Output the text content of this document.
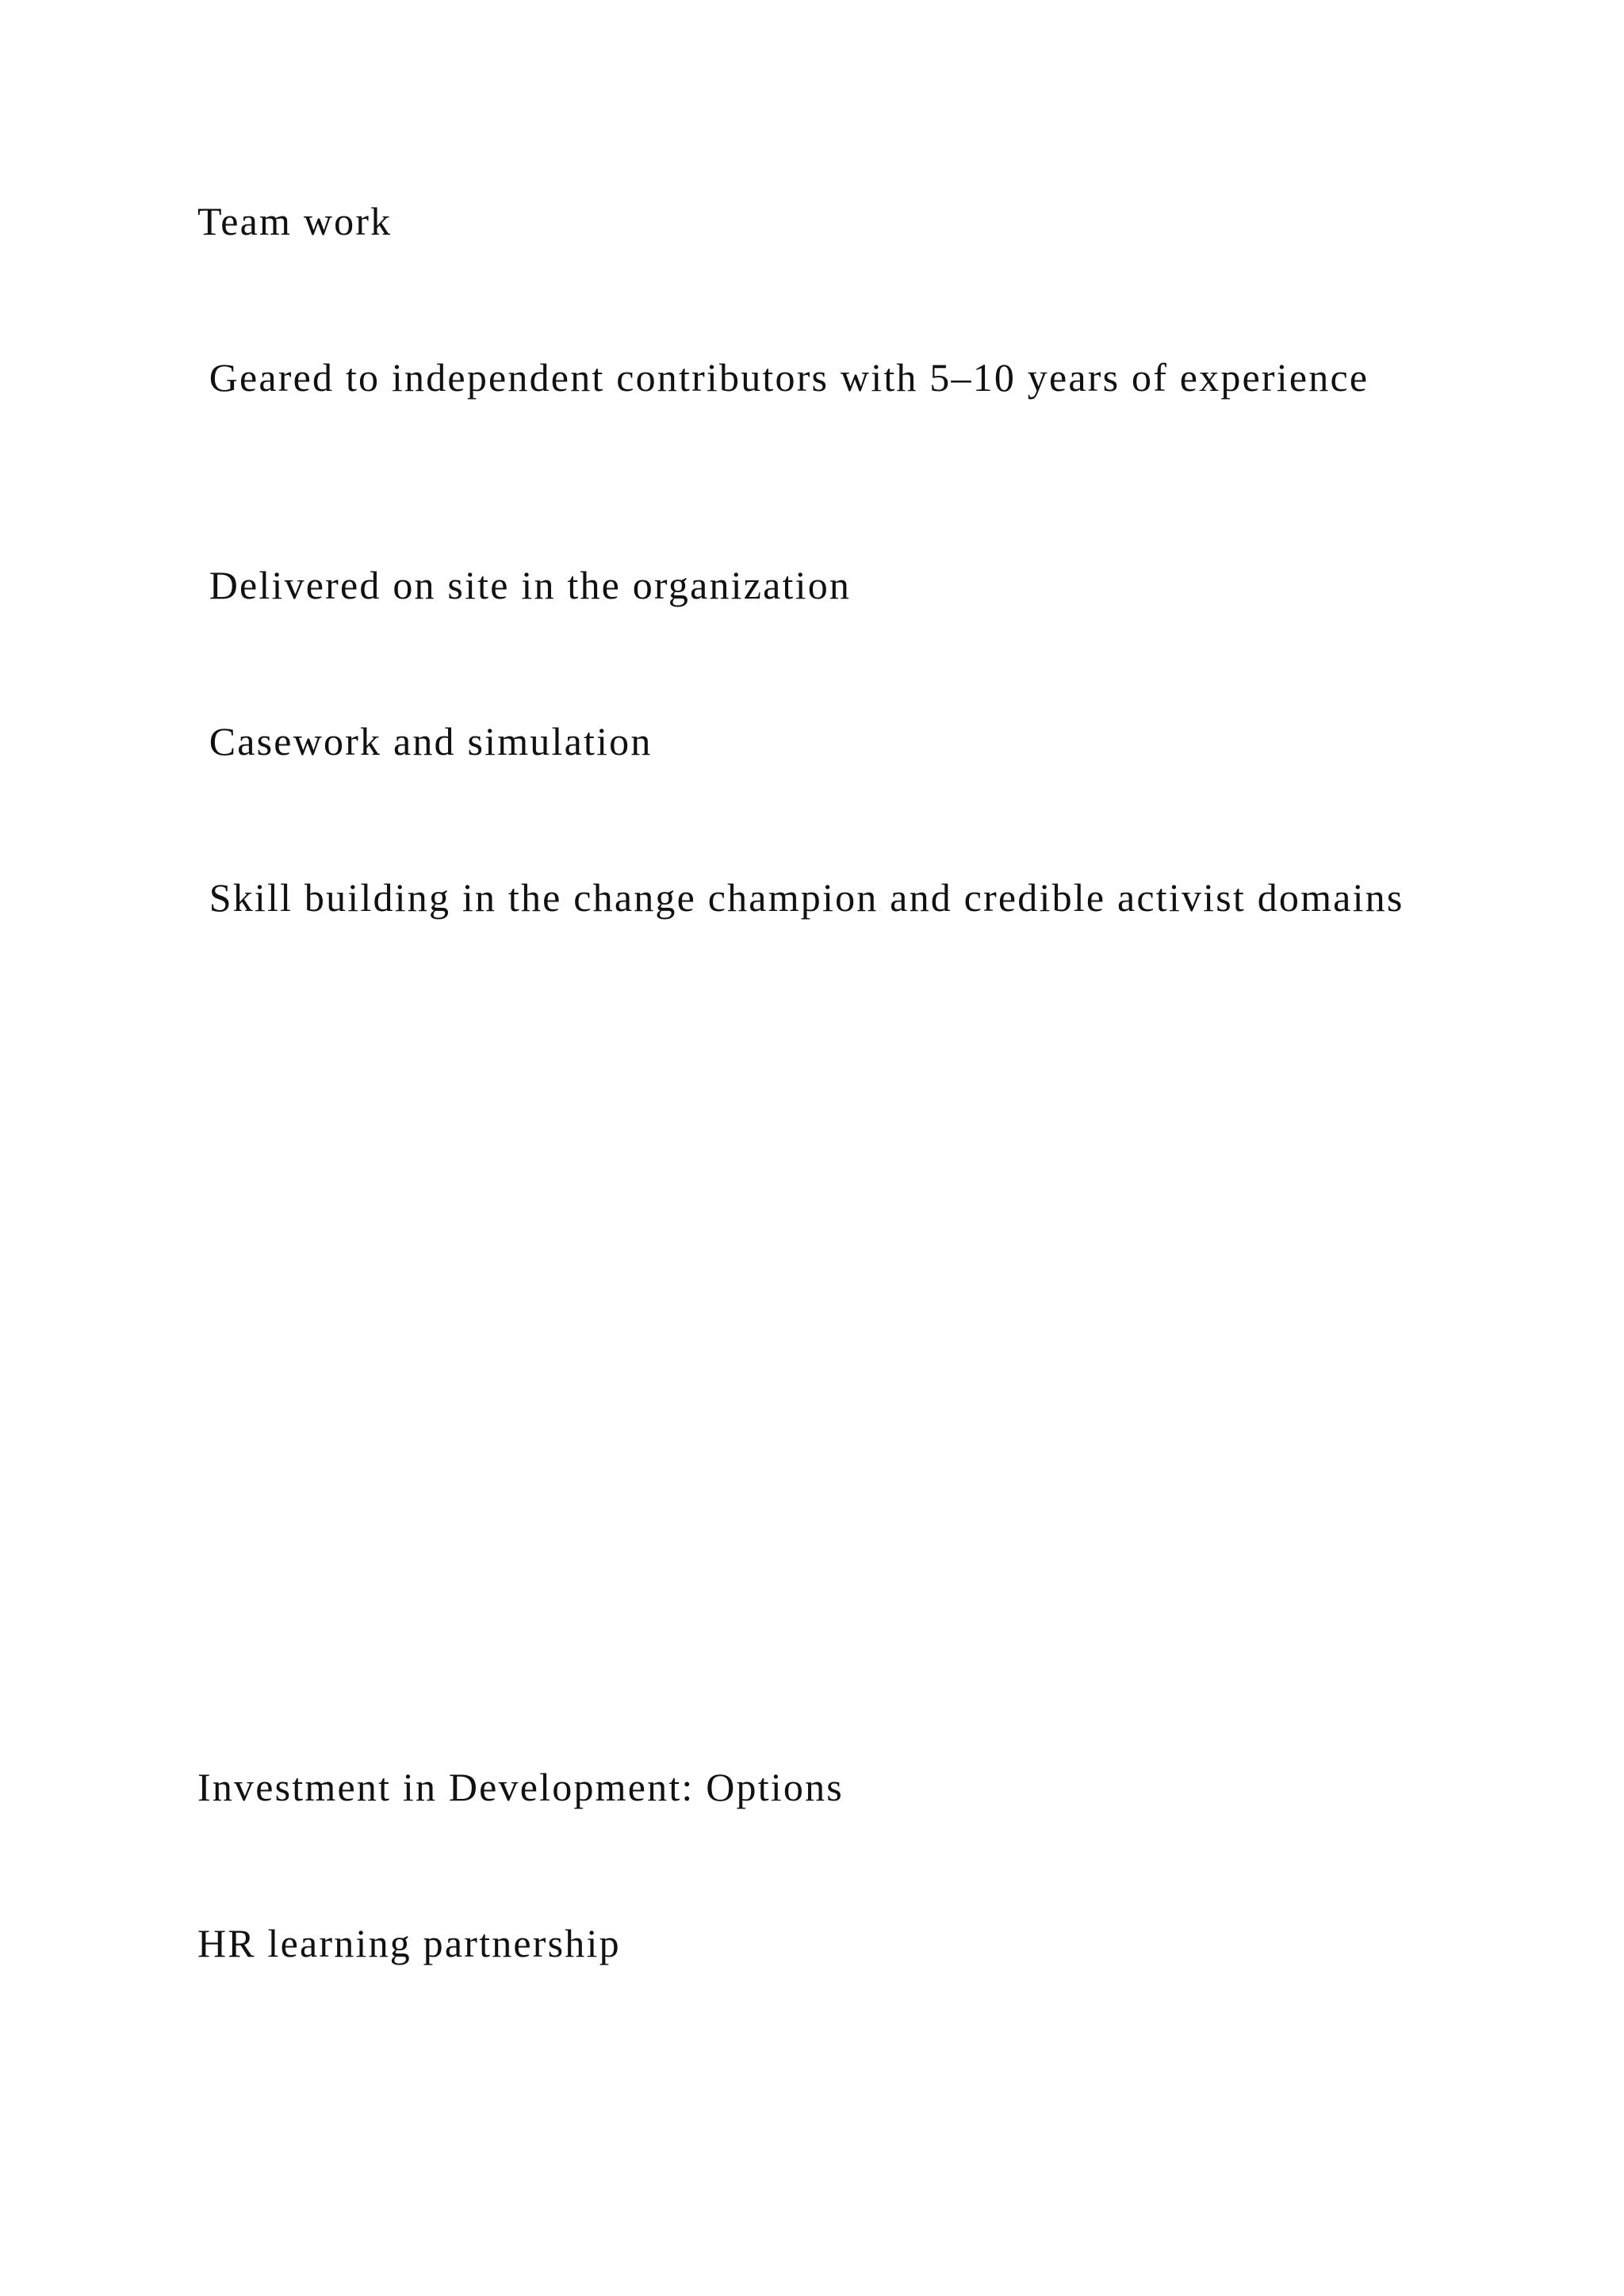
Team work

Geared to independent contributors with 5–10 years of experience

Delivered on site in the organization

Casework and simulation

Skill building in the change champion and credible activist domains

Investment in Development: Options

HR learning partnership
